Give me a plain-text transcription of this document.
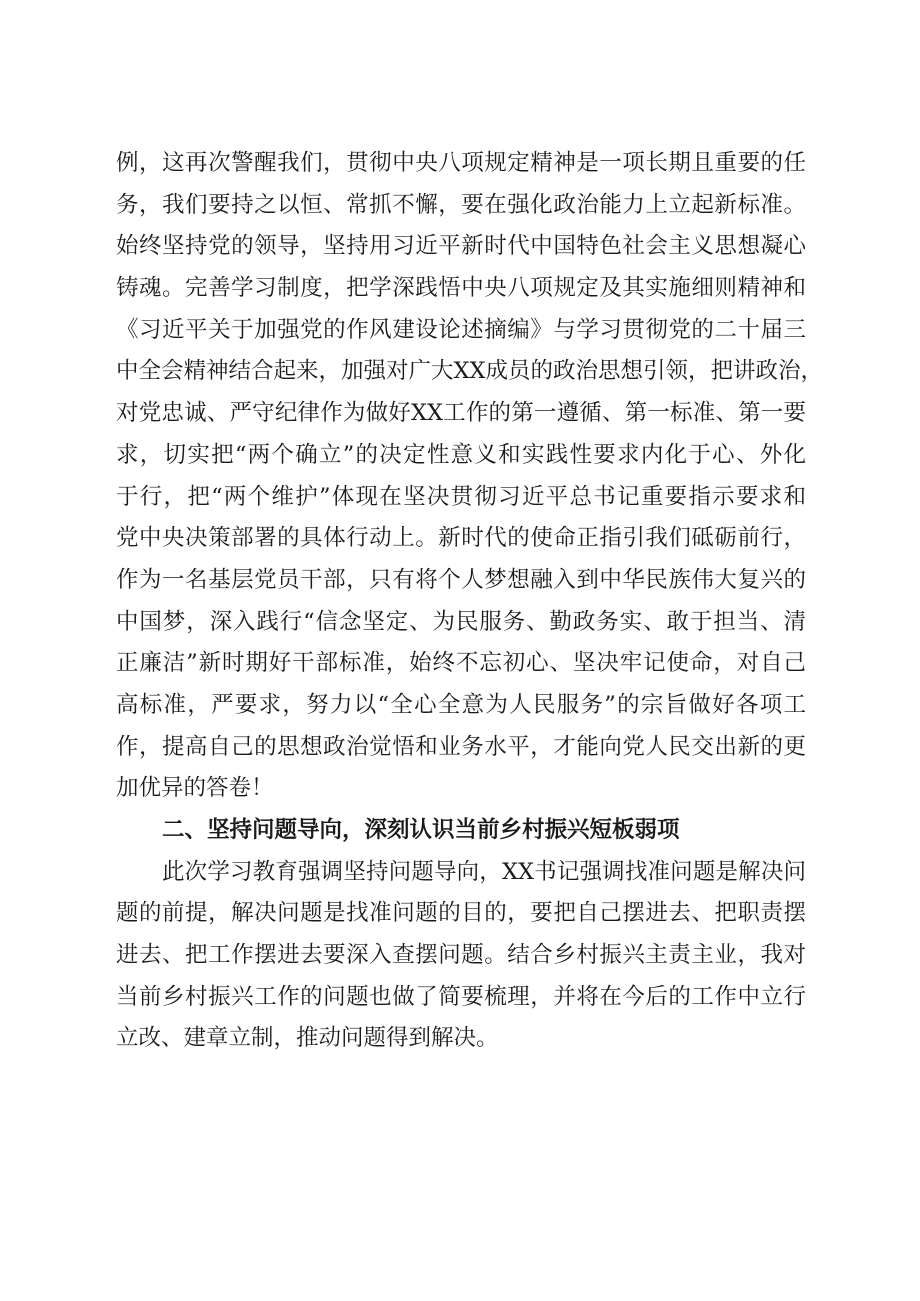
例，这再次警醒我们，贯彻中央八项规定精神是一项长期且重要的任
务，我们要持之以恒、常抓不懈，要在强化政治能力上立起新标准。
始终坚持党的领导，坚持用习近平新时代中国特色社会主义思想凝心
铸魂。完善学习制度，把学深践悟中央八项规定及其实施细则精神和
《习近平关于加强党的作风建设论述摘编》与学习贯彻党的二十届三
中全会精神结合起来，加强对广大XX成员的政治思想引领，把讲政治，
对党忠诚、严守纪律作为做好XX工作的第一遵循、第一标准、第一要
求，切实把“两个确立”的决定性意义和实践性要求内化于心、外化
于行，把“两个维护”体现在坚决贯彻习近平总书记重要指示要求和
党中央决策部署的具体行动上。新时代的使命正指引我们砥砺前行，
作为一名基层党员干部，只有将个人梦想融入到中华民族伟大复兴的
中国梦，深入践行“信念坚定、为民服务、勤政务实、敢于担当、清
正廉洁”新时期好干部标准，始终不忘初心、坚决牢记使命，对自己
高标准，严要求，努力以“全心全意为人民服务”的宗旨做好各项工
作，提高自己的思想政治觉悟和业务水平，才能向党人民交出新的更
加优异的答卷！
二、坚持问题导向，深刻认识当前乡村振兴短板弱项
此次学习教育强调坚持问题导向，XX书记强调找准问题是解决问
题的前提，解决问题是找准问题的目的，要把自己摆进去、把职责摆
进去、把工作摆进去要深入查摆问题。结合乡村振兴主责主业，我对
当前乡村振兴工作的问题也做了简要梳理，并将在今后的工作中立行
立改、建章立制，推动问题得到解决。
